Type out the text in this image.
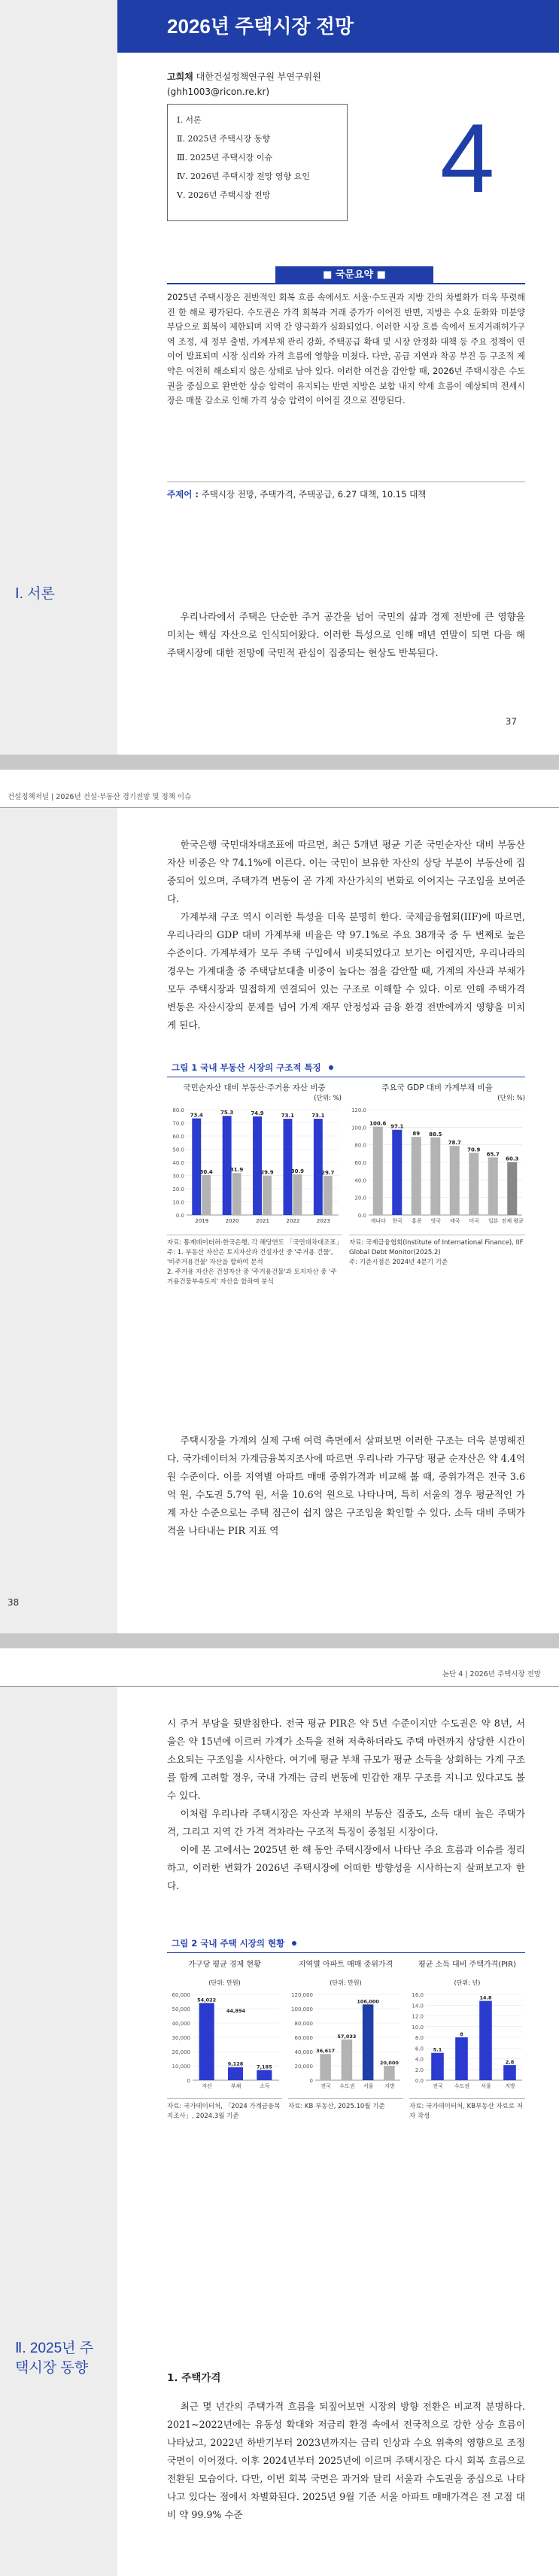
2026년 주택시장 전망
고희채 대한건설정책연구원 부연구위원
(ghh1003@ricon.re.kr)
Ⅰ. 서론
Ⅱ. 2025년 주택시장 동향
Ⅲ. 2025년 주택시장 이슈
Ⅳ. 2026년 주택시장 전망 영향 요인
Ⅴ. 2026년 주택시장 전망	4
■ 국문요약 ■
2025년 주택시장은 전반적인 회복 흐름 속에서도 서울·수도권과 지방 간의 차별화가 더욱 뚜렷해진 한 해로 평가된다. 수도권은 가격 회복과 거래 증가가 이어진 반면, 지방은 수요 둔화와 미분양 부담으로 회복이 제한되며 지역 간 양극화가 심화되었다. 이러한 시장 흐름 속에서 토지거래허가구역 조정, 새 정부 출범, 가계부채 관리 강화, 주택공급 확대 및 시장 안정화 대책 등 주요 정책이 연이어 발표되며 시장 심리와 가격 흐름에 영향을 미쳤다. 다만, 공급 지연과 착공 부진 등 구조적 제약은 여전히 해소되지 않은 상태로 남아 있다. 이러한 여건을 감안할 때, 2026년 주택시장은 수도권을 중심으로 완만한 상승 압력이 유지되는 반면 지방은 보합 내지 약세 흐름이 예상되며 전세시장은 매물 감소로 인해 가격 상승 압력이 이어질 것으로 전망된다.
주제어 : 주택시장 전망, 주택가격, 주택공급, 6.27 대책, 10.15 대책
Ⅰ. 서론

우리나라에서 주택은 단순한 주거 공간을 넘어 국민의 삶과 경제 전반에 큰 영향을 미치는 핵심 자산으로 인식되어왔다. 이러한 특성으로 인해 매년 연말이 되면 다음 해 주택시장에 대한 전망에 국민적 관심이 집중되는 현상도 반복된다.

37
건설정책저널 | 2026년 건설·부동산 경기전망 및 정책 이슈

한국은행 국민대차대조표에 따르면, 최근 5개년 평균 기준 국민순자산 대비 부동산 자산 비중은 약 74.1%에 이른다. 이는 국민이 보유한 자산의 상당 부분이 부동산에 집중되어 있으며, 주택가격 변동이 곧 가계 자산가치의 변화로 이어지는 구조임을 보여준다.

가계부채 구조 역시 이러한 특성을 더욱 분명히 한다. 국제금융협회(IIF)에 따르면, 우리나라의 GDP 대비 가계부채 비율은 약 97.1%로 주요 38개국 중 두 번째로 높은 수준이다. 가계부채가 모두 주택 구입에서 비롯되었다고 보기는 어렵지만, 우리나라의 경우는 가계대출 중 주택담보대출 비중이 높다는 점을 감안할 때, 가계의 자산과 부채가 모두 주택시장과 밀접하게 연결되어 있는 구조로 이해할 수 있다. 이로 인해 주택가격 변동은 자산시장의 문제를 넘어 가계 재무 안정성과 금융 환경 전반에까지 영향을 미치게 된다.

그림 1 국내 부동산 시장의 구조적 특징
국민순자산 대비 부동산·주거용 자산 비중
(단위: %)
0.0
10.0
20.0
30.0
40.0
50.0
60.0
70.0
80.0
73.4
30.4
2019
75.3
31.9
2020
74.9
29.9
2021
73.1
30.9
2022
73.1
29.7
2023
주요국 GDP 대비 가계부채 비율
(단위: %)
0.0
20.0
40.0
60.0
80.0
100.0
120.0
100.6
캐나다
97.1
한국
89
홍콩
88.5
영국
78.7
태국
70.9
미국
65.7
일본
60.3
전체 평균
자료: 통계데이터허·한국은행, 각 해당연도 「국민대차대조표」
주: 1. 부동산 자산은 토지자산과 건설자산 중 '주거용 건물', '비주거용건물' 자산을 합하여 분석
2. 주거용 자산은 건설자산 중 '주거용건물'과 토지자산 중 '주거용건물부속토지' 자산을 합하여 분석
자료: 국제금융협회(Institute of International Finance), IIF Global Debt Monitor(2025.2)
주: 기준시점은 2024년 4분기 기준

주택시장을 가계의 실제 구매 여력 측면에서 살펴보면 이러한 구조는 더욱 분명해진다. 국가데이터처 가계금융복지조사에 따르면 우리나라 가구당 평균 순자산은 약 4.4억 원 수준이다. 이를 지역별 아파트 매매 중위가격과 비교해 볼 때, 중위가격은 전국 3.6억 원, 수도권 5.7억 원, 서울 10.6억 원으로 나타나며, 특히 서울의 경우 평균적인 가계 자산 수준으로는 주택 접근이 쉽지 않은 구조임을 확인할 수 있다. 소득 대비 주택가격을 나타내는 PIR 지표 역

38
논단 4 | 2026년 주택시장 전망

시 주거 부담을 뒷받침한다. 전국 평균 PIR은 약 5년 수준이지만 수도권은 약 8년, 서울은 약 15년에 이르러 가계가 소득을 전혀 저축하더라도 주택 마련까지 상당한 시간이 소요되는 구조임을 시사한다. 여기에 평균 부채 규모가 평균 소득을 상회하는 가계 구조를 함께 고려할 경우, 국내 가계는 금리 변동에 민감한 재무 구조를 지니고 있다고도 볼 수 있다.

이처럼 우리나라 주택시장은 자산과 부채의 부동산 집중도, 소득 대비 높은 주택가격, 그리고 지역 간 가격 격차라는 구조적 특징이 중첩된 시장이다.

이에 본 고에서는 2025년 한 해 동안 주택시장에서 나타난 주요 흐름과 이슈를 정리하고, 이러한 변화가 2026년 주택시장에 어떠한 방향성을 시사하는지 살펴보고자 한다.

그림 2 국내 주택 시장의 현황
가구당 평균 경제 현황
(단위: 만원)
0
10,000
20,000
30,000
40,000
50,000
60,000
54,022
자산
9,128
부채
7,185
소득
44,894
지역별 아파트 매매 중위가격
(단위: 만원)
0
20,000
40,000
60,000
80,000
100,000
120,000
36,617
전국
57,033
수도권
106,000
서울
20,000
지방
평균 소득 대비 주택가격(PIR)
(단위: 년)
0.0
2.0
4.0
6.0
8.0
10.0
12.0
14.0
16.0
5.1
전국
8
수도권
14.8
서울
2.8
지방
자료: 국가데이터처, 「2024 가계금융복지조사」, 2024.3월 기준
자료: KB 부동산, 2025.10월 기준	자료: 국가데이터처, KB부동산 자료로 저자 작성
Ⅱ. 2025년 주택시장 동향
1. 주택가격

최근 몇 년간의 주택가격 흐름을 되짚어보면 시장의 방향 전환은 비교적 분명하다. 2021~2022년에는 유동성 확대와 저금리 환경 속에서 전국적으로 강한 상승 흐름이 나타났고, 2022년 하반기부터 2023년까지는 금리 인상과 수요 위축의 영향으로 조정 국면이 이어졌다. 이후 2024년부터 2025년에 이르며 주택시장은 다시 회복 흐름으로 전환된 모습이다. 다만, 이번 회복 국면은 과거와 달리 서울과 수도권을 중심으로 나타나고 있다는 점에서 차별화된다. 2025년 9월 기준 서울 아파트 매매가격은 전 고점 대비 약 99.9% 수준
